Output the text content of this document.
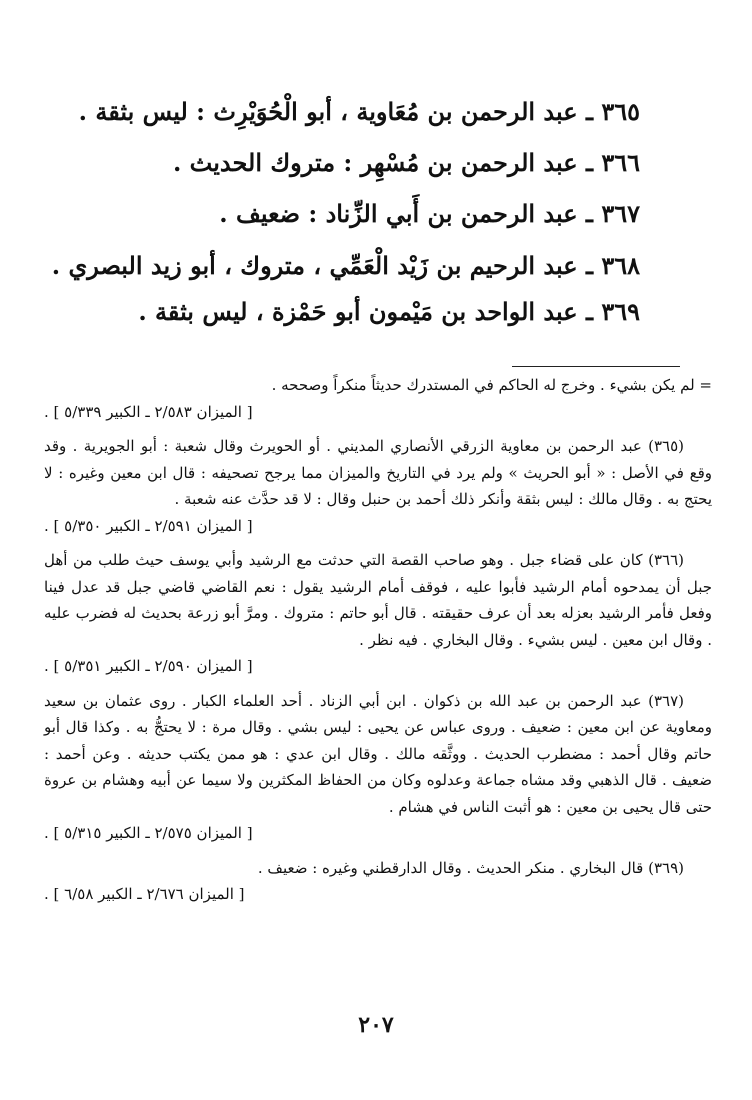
٣٦٥ ـ عبد الرحمن بن مُعَاوية ، أبو الْحُوَيْرِث : ليس بثقة .
٣٦٦ ـ عبد الرحمن بن مُسْهِر : متروك الحديث .
٣٦٧ ـ عبد الرحمن بن أَبي الزِّناد : ضعيف .
٣٦٨ ـ عبد الرحيم بن زَيْد الْعَمِّي ، متروك ، أبو زيد البصري .
٣٦٩ ـ عبد الواحد بن مَيْمون أبو حَمْزة ، ليس بثقة .

= لم يكن بشيء . وخرج له الحاكم في المستدرك حديثاً منكراً وصححه .
[ الميزان ٢/٥٨٣ ـ الكبير ٥/٣٣٩ ] .

(٣٦٥) عبد الرحمن بن معاوية الزرقي الأنصاري المديني . أو الحويرث وقال شعبة : أبو الجويرية . وقد وقع في الأصل : « أبو الحريث » ولم يرد في التاريخ والميزان مما يرجح تصحيفه : قال ابن معين وغيره : لا يحتج به . وقال مالك : ليس بثقة وأنكر ذلك أحمد بن حنبل وقال : لا قد حدَّث عنه شعبة .
[ الميزان ٢/٥٩١ ـ الكبير ٥/٣٥٠ ] .

(٣٦٦) كان على قضاء جبل . وهو صاحب القصة التي حدثت مع الرشيد وأبي يوسف حيث طلب من أهل جبل أن يمدحوه أمام الرشيد فأبوا عليه ، فوقف أمام الرشيد يقول : نعم القاضي قاضي جبل قد عدل فينا وفعل فأمر الرشيد بعزله بعد أن عرف حقيقته . قال أبو حاتم : متروك . ومرَّ أبو زرعة بحديث له فضرب عليه . وقال ابن معين . ليس بشيء . وقال البخاري . فيه نظر .
[ الميزان ٢/٥٩٠ ـ الكبير ٥/٣٥١ ] .

(٣٦٧) عبد الرحمن بن عبد الله بن ذكوان . ابن أبي الزناد . أحد العلماء الكبار . روى عثمان بن سعيد ومعاوية عن ابن معين : ضعيف . وروى عباس عن يحيى : ليس بشي . وقال مرة : لا يحتجُّ به . وكذا قال أبو حاتم وقال أحمد : مضطرب الحديث . ووثَّقه مالك . وقال ابن عدي : هو ممن يكتب حديثه . وعن أحمد : ضعيف . قال الذهبي وقد مشاه جماعة وعدلوه وكان من الحفاظ المكثرين ولا سيما عن أبيه وهشام بن عروة حتى قال يحيى بن معين : هو أثبت الناس في هشام .
[ الميزان ٢/٥٧٥ ـ الكبير ٥/٣١٥ ] .

(٣٦٩) قال البخاري . منكر الحديث . وقال الدارقطني وغيره : ضعيف .
[ الميزان ٢/٦٧٦ ـ الكبير ٦/٥٨ ] .

٢٠٧
